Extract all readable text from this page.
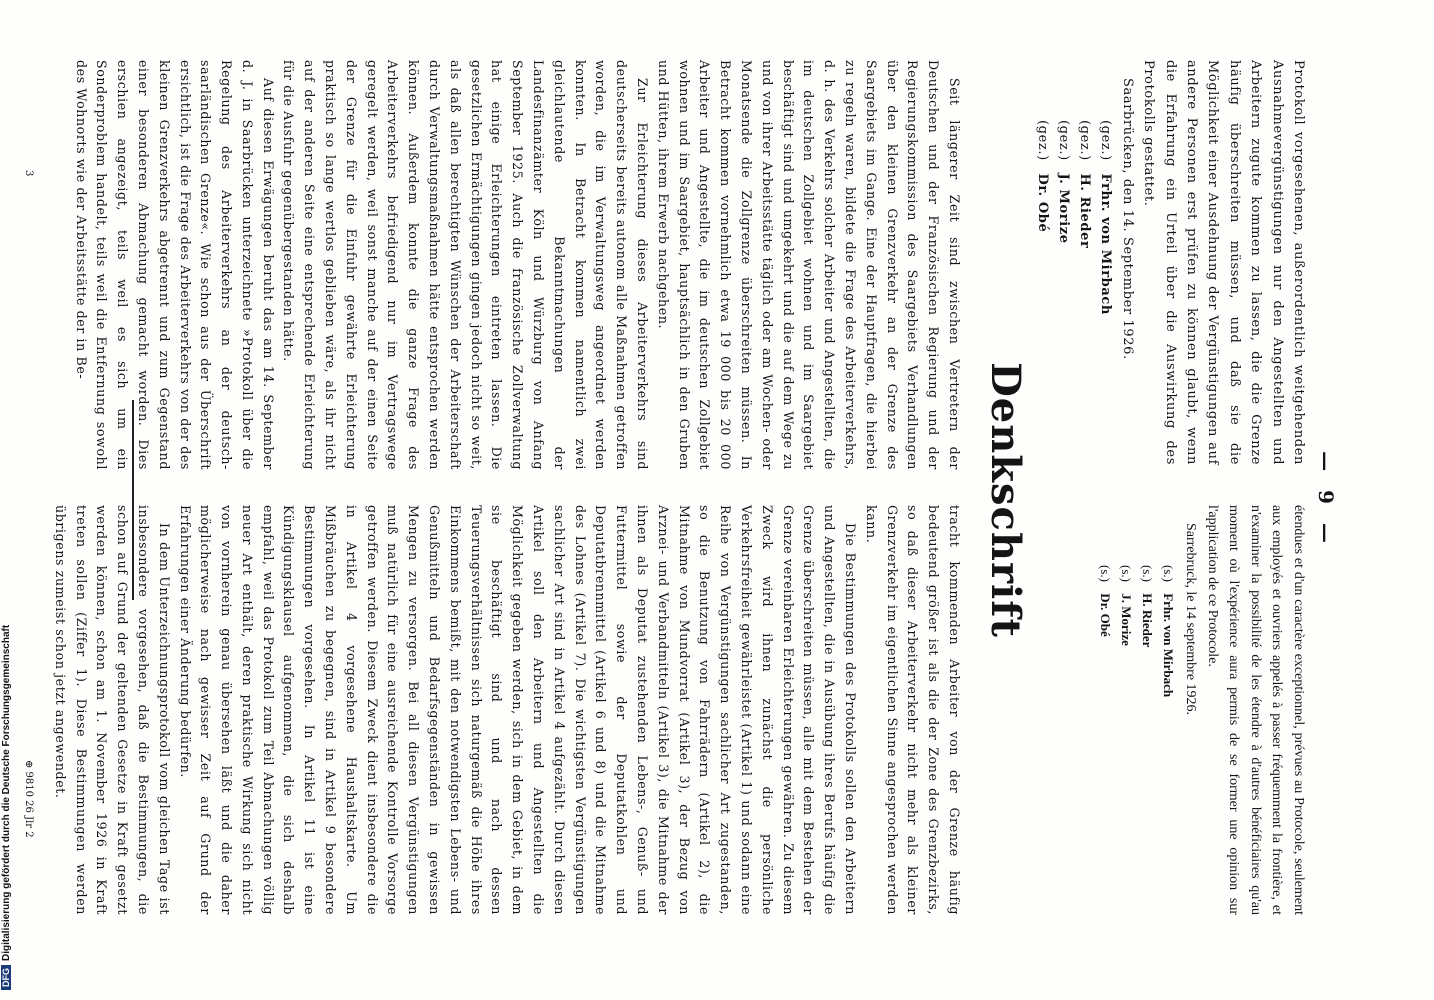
— 9 —

Protokoll vorgesehenen, außerordentlich weitgehenden Ausnahmevergünstigungen nur den Angestellten und Arbeitern zugute kommen zu lassen, die die Grenze häufig überschreiten müssen, und daß sie die Möglichkeit einer Ausdehnung der Vergünstigungen auf andere Personen erst prüfen zu können glaubt, wenn die Erfahrung ein Urteil über die Auswirkung des Protokolls gestattet.

Saarbrücken, den 14. September 1926.

(gez.) Frhr. von Mirbach
(gez.) H. Rieder
(gez.) J. Morize
(gez.) Dr. Obé

étendues et d'un caractère exceptionnel, prévues au Protocole, seulement aux employés et ouvriers appelés à passer fréquemment la frontière, et n'examiner la possibilité de les étendre à d'autres bénéficiaires qu'au moment où l'expérience aura permis de se former une opinion sur l'application de ce Protocole.

Sarrebruck, le 14 septembre 1926.

(s.) Frhr. von Mirbach
(s.) H. Rieder
(s.) J. Morize
(s.) Dr. Obé
Denkschrift

Seit längerer Zeit sind zwischen Vertretern der Deutschen und der Französischen Regierung und der Regierungskommission des Saargebiets Verhandlungen über den kleinen Grenzverkehr an der Grenze des Saargebiets im Gange. Eine der Hauptfragen, die hierbei zu regeln waren, bildete die Frage des Arbeiterverkehrs, d. h. des Verkehrs solcher Arbeiter und Angestellten, die im deutschen Zollgebiet wohnen und im Saargebiet beschäftigt sind und umgekehrt und die auf dem Wege zu und von ihrer Arbeitsstätte täglich oder am Wochen- oder Monatsende die Zollgrenze überschreiten müssen. In Betracht kommen vornehmlich etwa 19 000 bis 20 000 Arbeiter und Angestellte, die im deutschen Zollgebiet wohnen und im Saargebiet, hauptsächlich in den Gruben und Hütten, ihrem Erwerb nachgehen.

Zur Erleichterung dieses Arbeiterverkehrs sind deutscherseits bereits autonom alle Maßnahmen getroffen worden, die im Verwaltungsweg angeordnet werden konnten. In Betracht kommen namentlich zwei gleichlautende Bekanntmachungen der Landesfinanzämter Köln und Würzburg von Anfang September 1925. Auch die französische Zollverwaltung hat einige Erleichterungen eintreten lassen. Die gesetzlichen Ermächtigungen gingen jedoch nicht so weit, als daß allen berechtigten Wünschen der Arbeiterschaft durch Verwaltungsmaßnahmen hätte entsprochen werden können. Außerdem konnte die ganze Frage des Arbeiterverkehrs befriedigend nur im Vertragswege geregelt werden, weil sonst manche auf der einen Seite der Grenze für die Einfuhr gewährte Erleichterung praktisch so lange wertlos geblieben wäre, als ihr nicht auf der anderen Seite eine entsprechende Erleichterung für die Ausfuhr gegenübergestanden hätte.

Auf diesen Erwägungen beruht das am 14. September d. J. in Saarbrücken unterzeichnete »Protokoll über die Regelung des Arbeiterverkehrs an der deutsch-saarländischen Grenze«. Wie schon aus der Überschrift ersichtlich, ist die Frage des Arbeiterverkehrs von der des kleinen Grenzverkehrs abgetrennt und zum Gegenstand einer besonderen Abmachung gemacht worden. Dies erschien angezeigt, teils weil es sich um ein Sonderproblem handelt, teils weil die Entfernung sowohl des Wohnorts wie der Arbeitsstätte der in Be-

tracht kommenden Arbeiter von der Grenze häufig bedeutend größer ist als die der Zone des Grenzbezirks, so daß dieser Arbeiterverkehr nicht mehr als kleiner Grenzverkehr im eigentlichen Sinne angesprochen werden kann.

Die Bestimmungen des Protokolls sollen den Arbeitern und Angestellten, die in Ausübung ihres Berufs häufig die Grenze überschreiten müssen, alle mit dem Bestehen der Grenze vereinbaren Erleichterungen gewähren. Zu diesem Zweck wird ihnen zunächst die persönliche Verkehrsfreiheit gewährleistet (Artikel 1) und sodann eine Reihe von Vergünstigungen sachlicher Art zugestanden, so die Benutzung von Fahrrädern (Artikel 2), die Mitnahme von Mundvorrat (Artikel 3), der Bezug von Arznei- und Verbandmitteln (Artikel 3), die Mitnahme der ihnen als Deputat zustehenden Lebens-, Genuß- und Futtermittel sowie der Deputatkohlen und Deputatbrennmittel (Artikel 6 und 8) und die Mitnahme des Lohnes (Artikel 7). Die wichtigsten Vergünstigungen sachlicher Art sind in Artikel 4 aufgezählt. Durch diesen Artikel soll den Arbeitern und Angestellten die Möglichkeit gegeben werden, sich in dem Gebiet, in dem sie beschäftigt sind und nach dessen Teuerungsverhältnissen sich naturgemäß die Höhe ihres Einkommens bemißt, mit den notwendigsten Lebens- und Genußmitteln und Bedarfsgegenständen in gewissen Mengen zu versorgen. Bei all diesen Vergünstigungen muß natürlich für eine ausreichende Kontrolle Vorsorge getroffen werden. Diesem Zweck dient insbesondere die in Artikel 4 vorgesehene Haushaltskarte. Um Mißbräuchen zu begegnen, sind in Artikel 9 besondere Bestimmungen vorgesehen. In Artikel 11 ist eine Kündigungsklausel aufgenommen, die sich deshalb empfahl, weil das Protokoll zum Teil Abmachungen völlig neuer Art enthält, deren praktische Wirkung sich nicht von vornherein genau übersehen läßt und die daher möglicherweise nach gewisser Zeit auf Grund der Erfahrungen einer Änderung bedürfen.

In dem Unterzeichnungsprotokoll vom gleichen Tage ist insbesondere vorgesehen, daß die Bestimmungen, die schon auf Grund der geltenden Gesetze in Kraft gesetzt werden können, schon am 1. November 1926 in Kraft treten sollen (Ziffer 1). Diese Bestimmungen werden übrigens zumeist schon jetzt angewendet.

3
⊕ 9810 26 Jlr 2
DFGDigitalisierung gefördert durch die Deutsche Forschungsgemeinschaft
